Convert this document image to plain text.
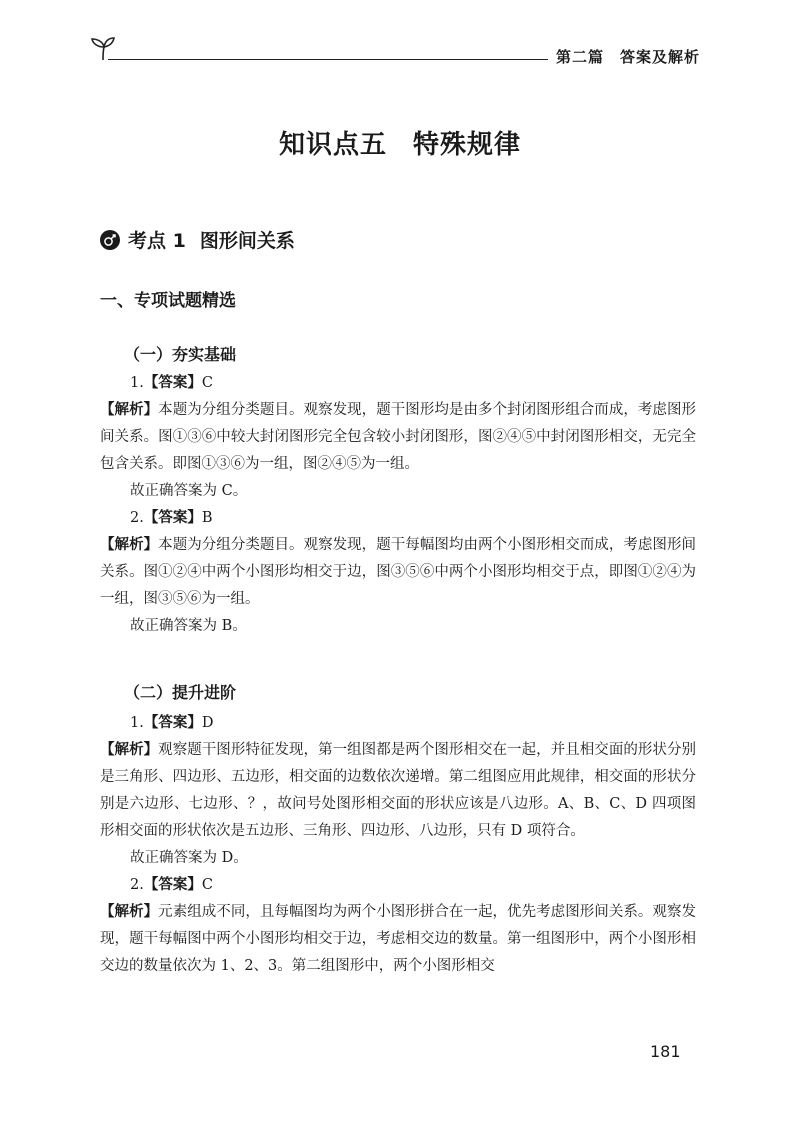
第二篇　答案及解析
知识点五 特殊规律
考点 1 图形间关系
一、专项试题精选
（一）夯实基础

1.【答案】C

【解析】本题为分组分类题目。观察发现，题干图形均是由多个封闭图形组合而成，考虑图形间关系。图①③⑥中较大封闭图形完全包含较小封闭图形，图②④⑤中封闭图形相交，无完全包含关系。即图①③⑥为一组，图②④⑤为一组。

故正确答案为 C。

2.【答案】B

【解析】本题为分组分类题目。观察发现，题干每幅图均由两个小图形相交而成，考虑图形间关系。图①②④中两个小图形均相交于边，图③⑤⑥中两个小图形均相交于点，即图①②④为一组，图③⑤⑥为一组。

故正确答案为 B。

（二）提升进阶

1.【答案】D

【解析】观察题干图形特征发现，第一组图都是两个图形相交在一起，并且相交面的形状分别是三角形、四边形、五边形，相交面的边数依次递增。第二组图应用此规律，相交面的形状分别是六边形、七边形、？，故问号处图形相交面的形状应该是八边形。A、B、C、D 四项图形相交面的形状依次是五边形、三角形、四边形、八边形，只有 D 项符合。

故正确答案为 D。

2.【答案】C

【解析】元素组成不同，且每幅图均为两个小图形拼合在一起，优先考虑图形间关系。观察发现，题干每幅图中两个小图形均相交于边，考虑相交边的数量。第一组图形中，两个小图形相交边的数量依次为 1、2、3。第二组图形中，两个小图形相交

181
